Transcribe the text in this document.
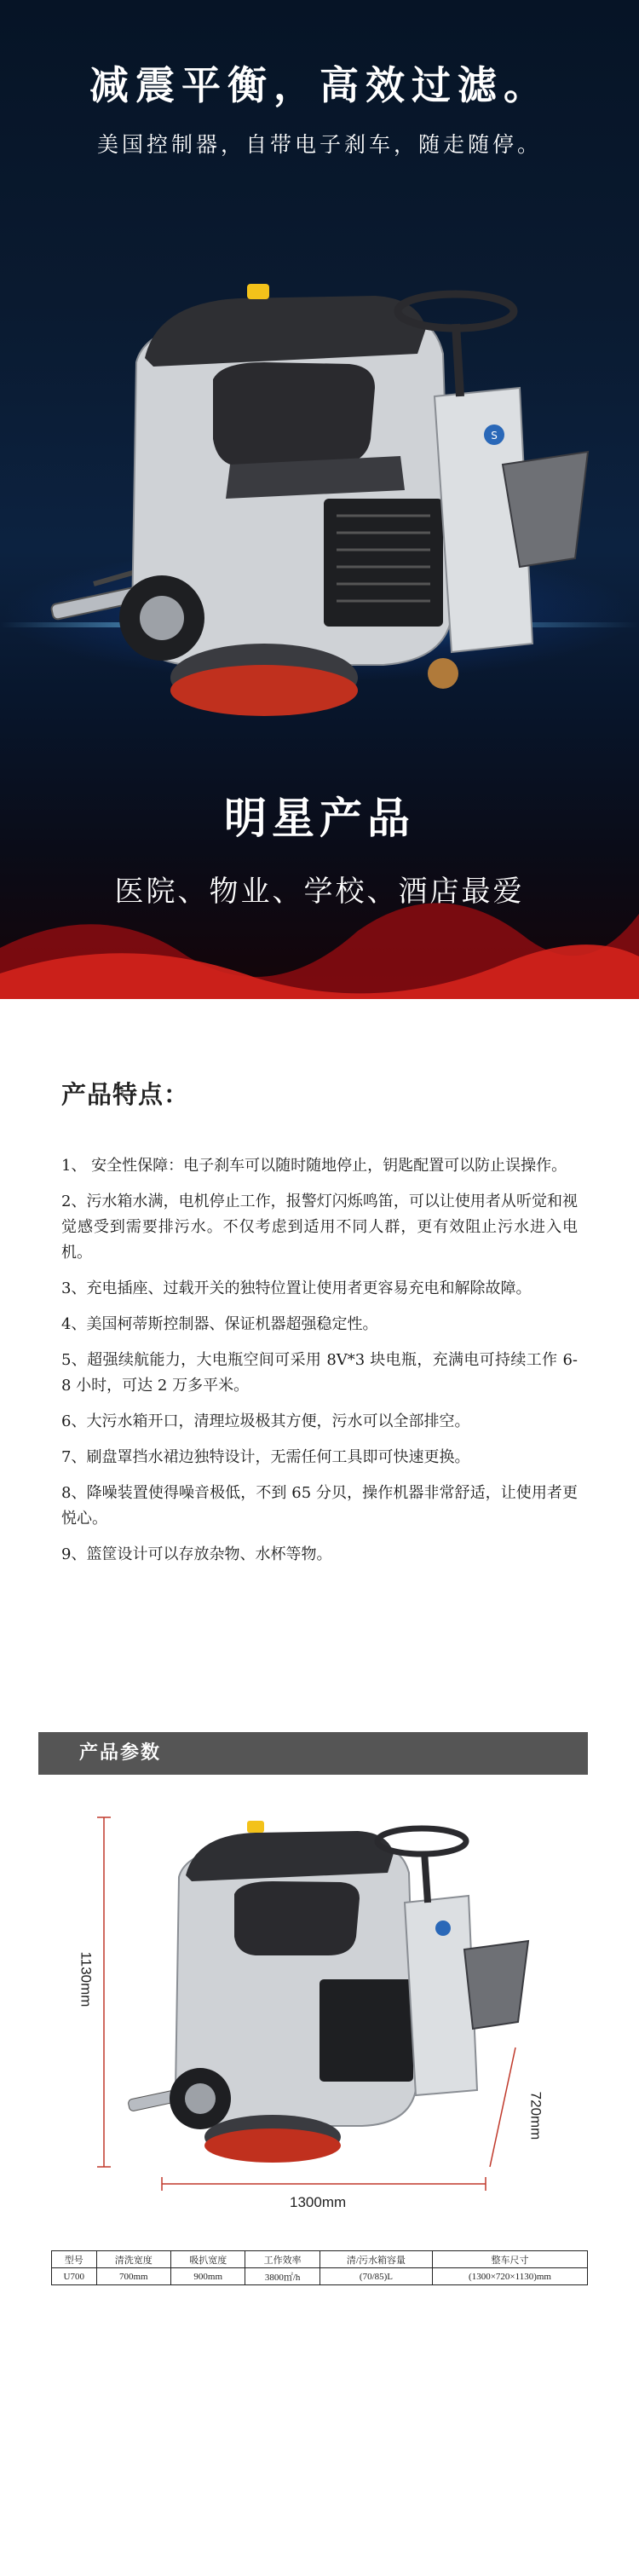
减震平衡，高效过滤。

美国控制器，自带电子刹车，随走随停。

S
明星产品

医院、物业、学校、酒店最爱

产品特点：
1、 安全性保障：电子刹车可以随时随地停止，钥匙配置可以防止误操作。
2、污水箱水满，电机停止工作，报警灯闪烁鸣笛，可以让使用者从听觉和视觉感受到需要排污水。不仅考虑到适用不同人群，更有效阻止污水进入电机。
3、充电插座、过载开关的独特位置让使用者更容易充电和解除故障。
4、美国柯蒂斯控制器、保证机器超强稳定性。
5、超强续航能力，大电瓶空间可采用 8V*3 块电瓶，充满电可持续工作 6-8 小时，可达 2 万多平米。
6、大污水箱开口，清理垃圾极其方便，污水可以全部排空。
7、刷盘罩挡水裙边独特设计，无需任何工具即可快速更换。
8、降噪装置使得噪音极低，不到 65 分贝，操作机器非常舒适，让使用者更悦心。
9、篮筐设计可以存放杂物、水杯等物。
产品参数
1130mm
720mm
1300mm
型号	清洗宽度	吸扒宽度	工作效率	清/污水箱容量	整车尺寸
U700	700mm	900mm	3800㎡/h	(70/85)L	(1300×720×1130)mm
